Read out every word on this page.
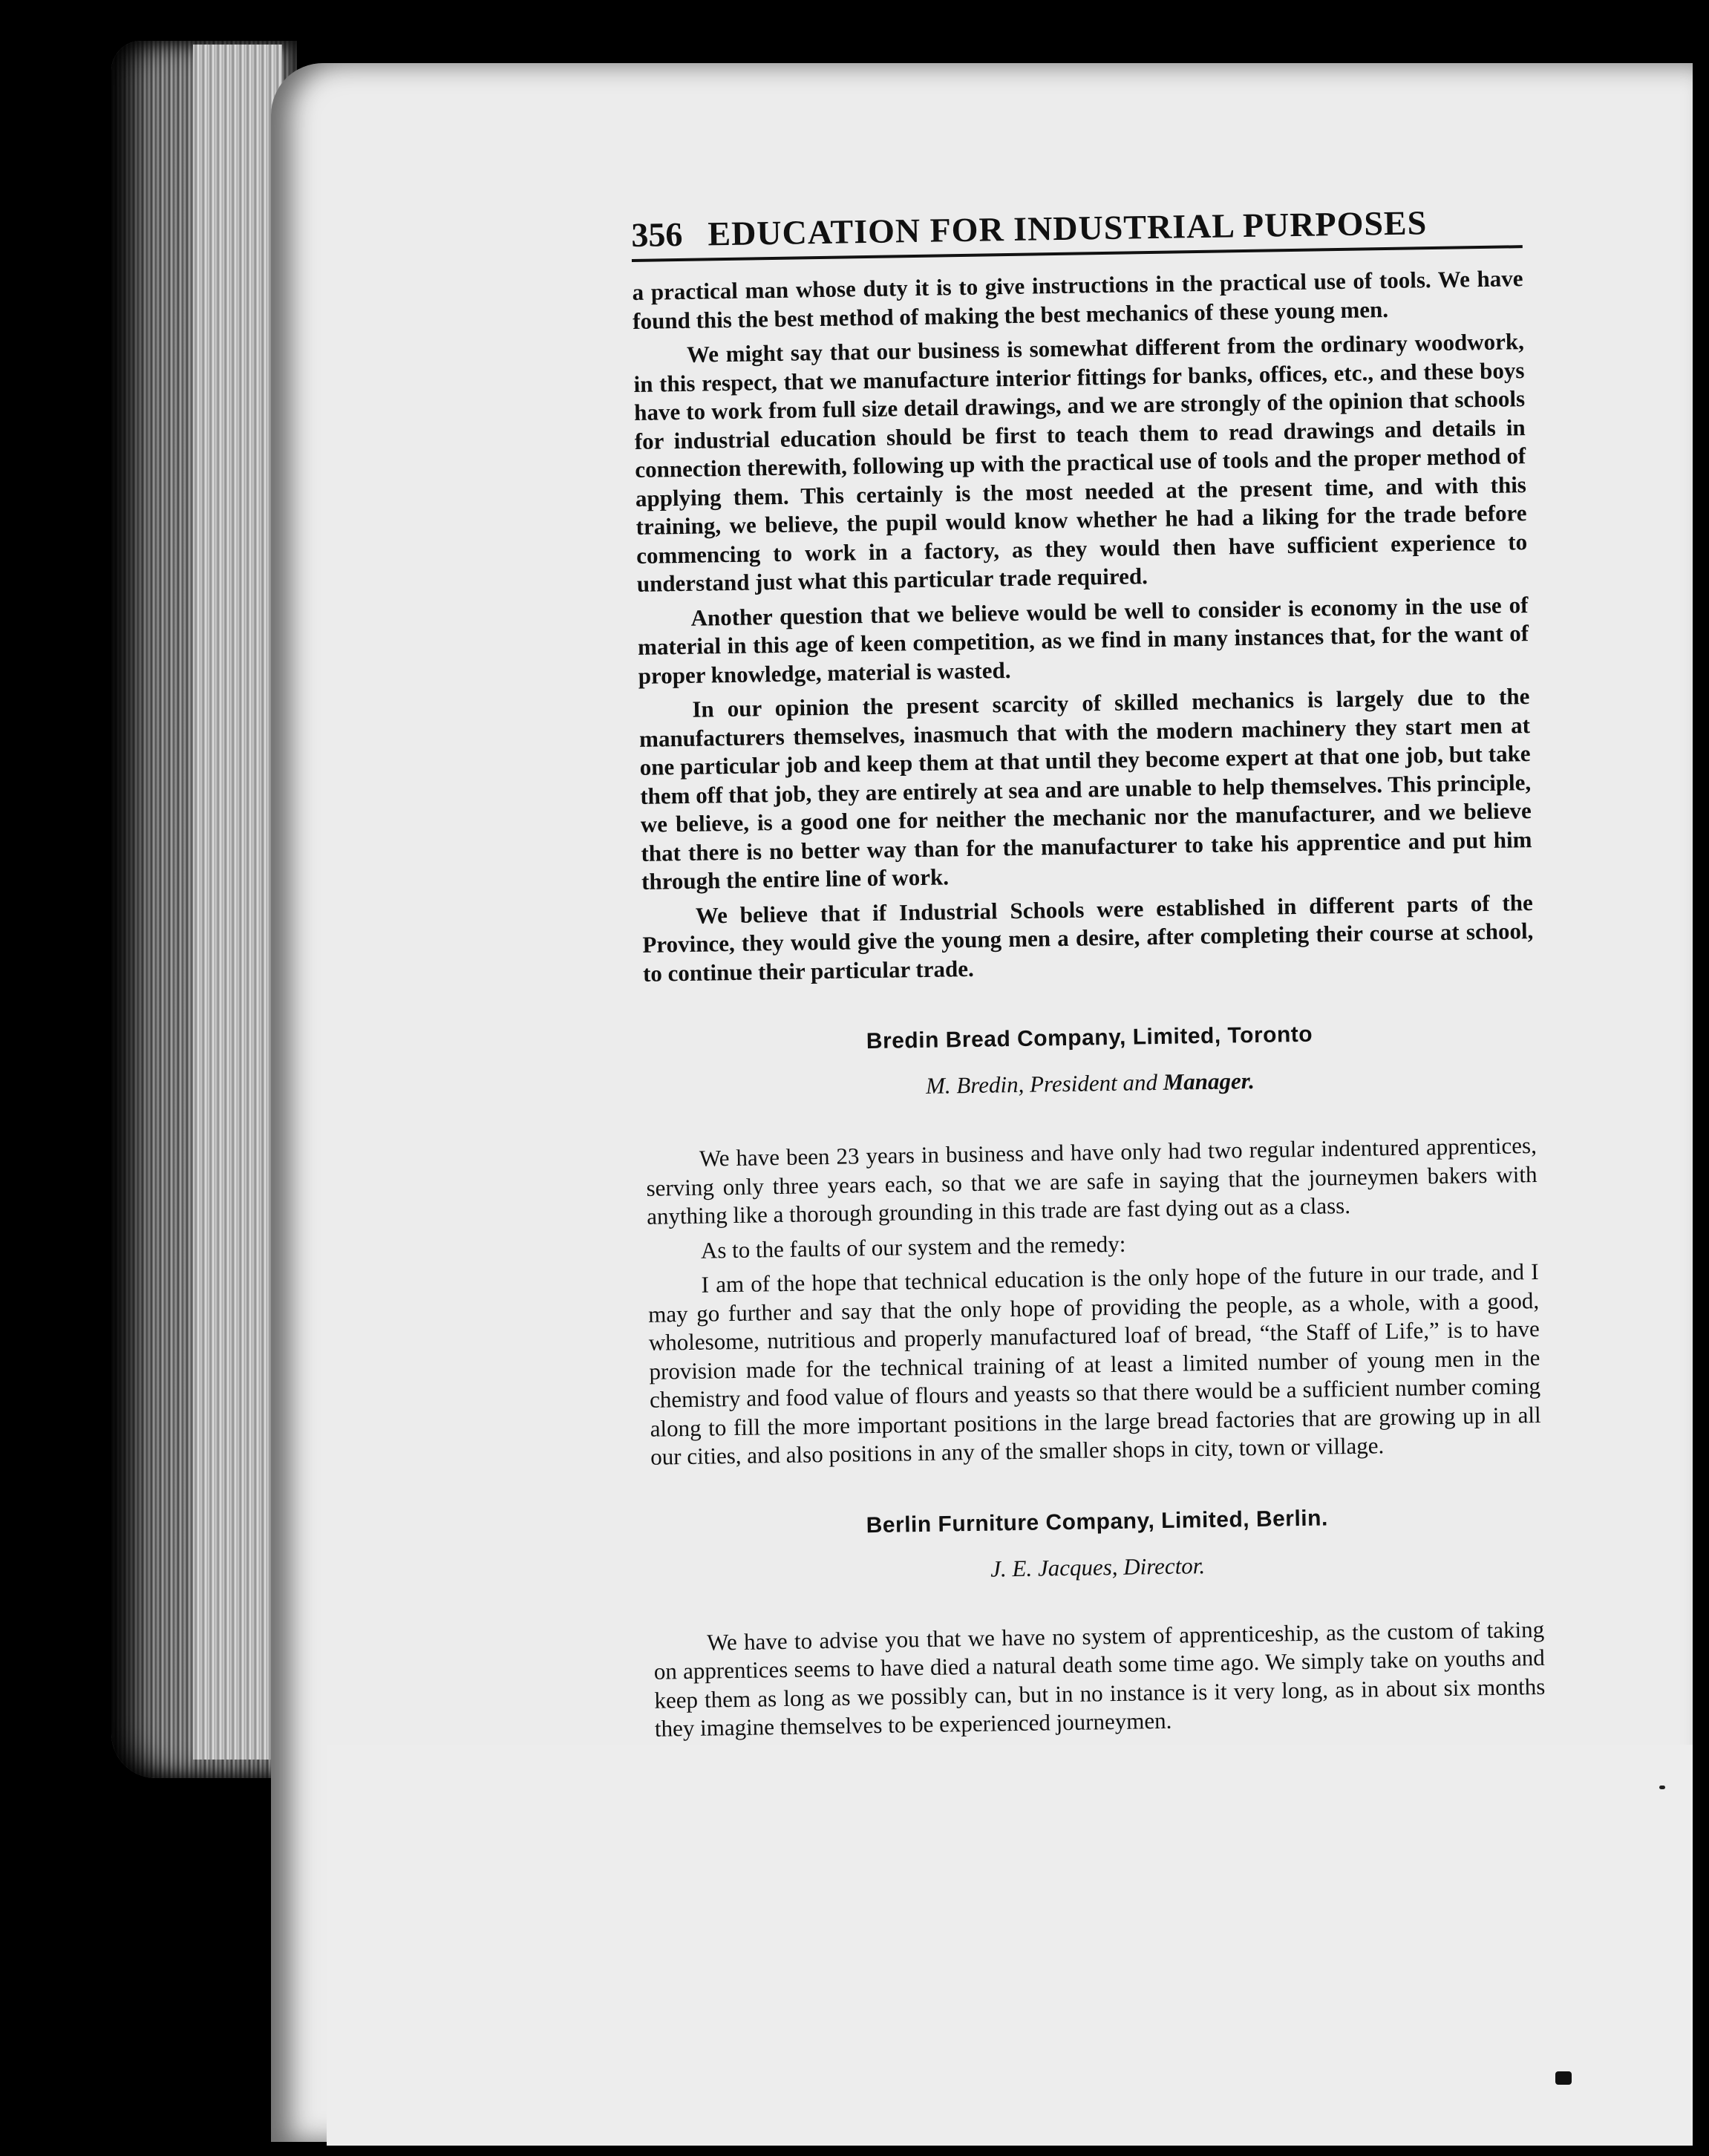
356 EDUCATION FOR INDUSTRIAL PURPOSES

a practical man whose duty it is to give instructions in the practical use of tools. We have found this the best method of making the best mechanics of these young men.

We might say that our business is somewhat different from the ordinary woodwork, in this respect, that we manufacture interior fittings for banks, offices, etc., and these boys have to work from full size detail drawings, and we are strongly of the opinion that schools for industrial education should be first to teach them to read drawings and details in connection therewith, following up with the practical use of tools and the proper method of applying them. This certainly is the most needed at the present time, and with this training, we believe, the pupil would know whether he had a liking for the trade before commencing to work in a factory, as they would then have sufficient experience to understand just what this particular trade required.

Another question that we believe would be well to consider is economy in the use of material in this age of keen competition, as we find in many instances that, for the want of proper knowledge, material is wasted.

In our opinion the present scarcity of skilled mechanics is largely due to the manufacturers themselves, inasmuch that with the modern machinery they start men at one particular job and keep them at that until they become expert at that one job, but take them off that job, they are entirely at sea and are unable to help themselves. This principle, we believe, is a good one for neither the mechanic nor the manufacturer, and we believe that there is no better way than for the manufacturer to take his apprentice and put him through the entire line of work.

We believe that if Industrial Schools were established in different parts of the Province, they would give the young men a desire, after completing their course at school, to continue their particular trade.

Bredin Bread Company, Limited, Toronto
M. Bredin, President and Manager.

We have been 23 years in business and have only had two regular indentured apprentices, serving only three years each, so that we are safe in saying that the journeymen bakers with anything like a thorough grounding in this trade are fast dying out as a class.

As to the faults of our system and the remedy:

I am of the hope that technical education is the only hope of the future in our trade, and I may go further and say that the only hope of providing the people, as a whole, with a good, wholesome, nutritious and properly manufactured loaf of bread, “the Staff of Life,” is to have provision made for the technical training of at least a limited number of young men in the chemistry and food value of flours and yeasts so that there would be a sufficient number coming along to fill the more important positions in the large bread factories that are growing up in all our cities, and also positions in any of the smaller shops in city, town or village.

Berlin Furniture Company, Limited, Berlin.
J. E. Jacques, Director.

We have to advise you that we have no system of apprenticeship, as the custom of taking on apprentices seems to have died a natural death some time ago. We simply take on youths and keep them as long as we possibly can, but in no instance is it very long, as in about six months they imagine themselves to be experienced journeymen.
